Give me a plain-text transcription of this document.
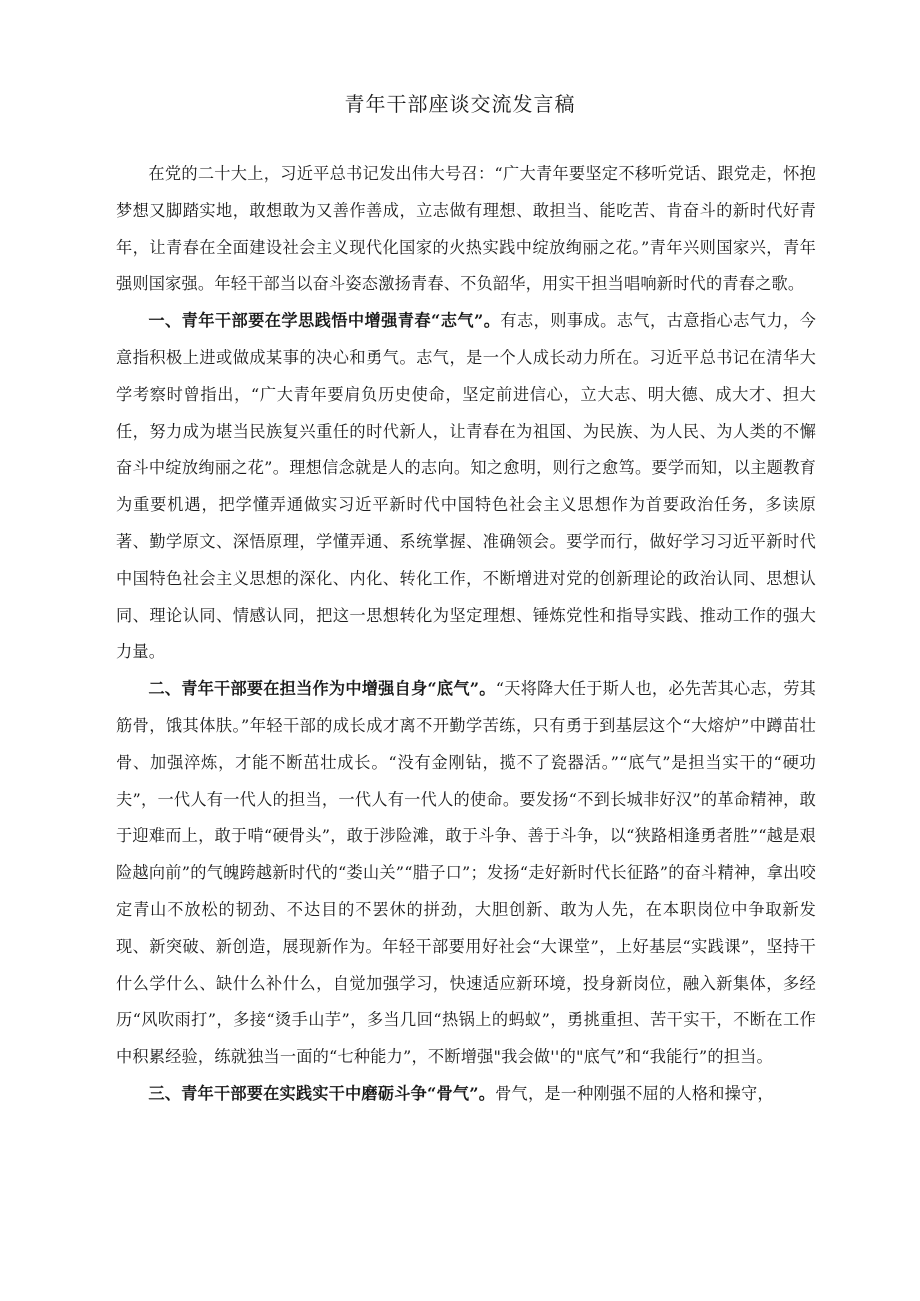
青年干部座谈交流发言稿

在党的二十大上，习近平总书记发出伟大号召：“广大青年要坚定不移听党话、跟党走，怀抱梦想又脚踏实地，敢想敢为又善作善成，立志做有理想、敢担当、能吃苦、肯奋斗的新时代好青年，让青春在全面建设社会主义现代化国家的火热实践中绽放绚丽之花。”青年兴则国家兴，青年强则国家强。年轻干部当以奋斗姿态激扬青春、不负韶华，用实干担当唱响新时代的青春之歌。

一、青年干部要在学思践悟中增强青春“志气”。有志，则事成。志气，古意指心志气力，今意指积极上进或做成某事的决心和勇气。志气，是一个人成长动力所在。习近平总书记在清华大学考察时曾指出，“广大青年要肩负历史使命，坚定前进信心，立大志、明大德、成大才、担大任，努力成为堪当民族复兴重任的时代新人，让青春在为祖国、为民族、为人民、为人类的不懈奋斗中绽放绚丽之花”。理想信念就是人的志向。知之愈明，则行之愈笃。要学而知，以主题教育为重要机遇，把学懂弄通做实习近平新时代中国特色社会主义思想作为首要政治任务，多读原著、勤学原文、深悟原理，学懂弄通、系统掌握、准确领会。要学而行，做好学习习近平新时代中国特色社会主义思想的深化、内化、转化工作，不断增进对党的创新理论的政治认同、思想认同、理论认同、情感认同，把这一思想转化为坚定理想、锤炼党性和指导实践、推动工作的强大力量。

二、青年干部要在担当作为中增强自身“底气”。“天将降大任于斯人也，必先苦其心志，劳其筋骨，饿其体肤。”年轻干部的成长成才离不开勤学苦练，只有勇于到基层这个“大熔炉”中蹲苗壮骨、加强淬炼，才能不断茁壮成长。“没有金刚钻，揽不了瓷器活。”“底气”是担当实干的“硬功夫”，一代人有一代人的担当，一代人有一代人的使命。要发扬“不到长城非好汉”的革命精神，敢于迎难而上，敢于啃“硬骨头”，敢于涉险滩，敢于斗争、善于斗争，以“狭路相逢勇者胜”“越是艰险越向前”的气魄跨越新时代的“娄山关”“腊子口”；发扬“走好新时代长征路”的奋斗精神，拿出咬定青山不放松的韧劲、不达目的不罢休的拼劲，大胆创新、敢为人先，在本职岗位中争取新发现、新突破、新创造，展现新作为。年轻干部要用好社会“大课堂”，上好基层“实践课”，坚持干什么学什么、缺什么补什么，自觉加强学习，快速适应新环境，投身新岗位，融入新集体，多经历“风吹雨打”，多接“烫手山芋”，多当几回“热锅上的蚂蚁”，勇挑重担、苦干实干，不断在工作中积累经验，练就独当一面的“七种能力”，不断增强"我会做''的"底气”和“我能行”的担当。

三、青年干部要在实践实干中磨砺斗争“骨气”。骨气，是一种刚强不屈的人格和操守，
